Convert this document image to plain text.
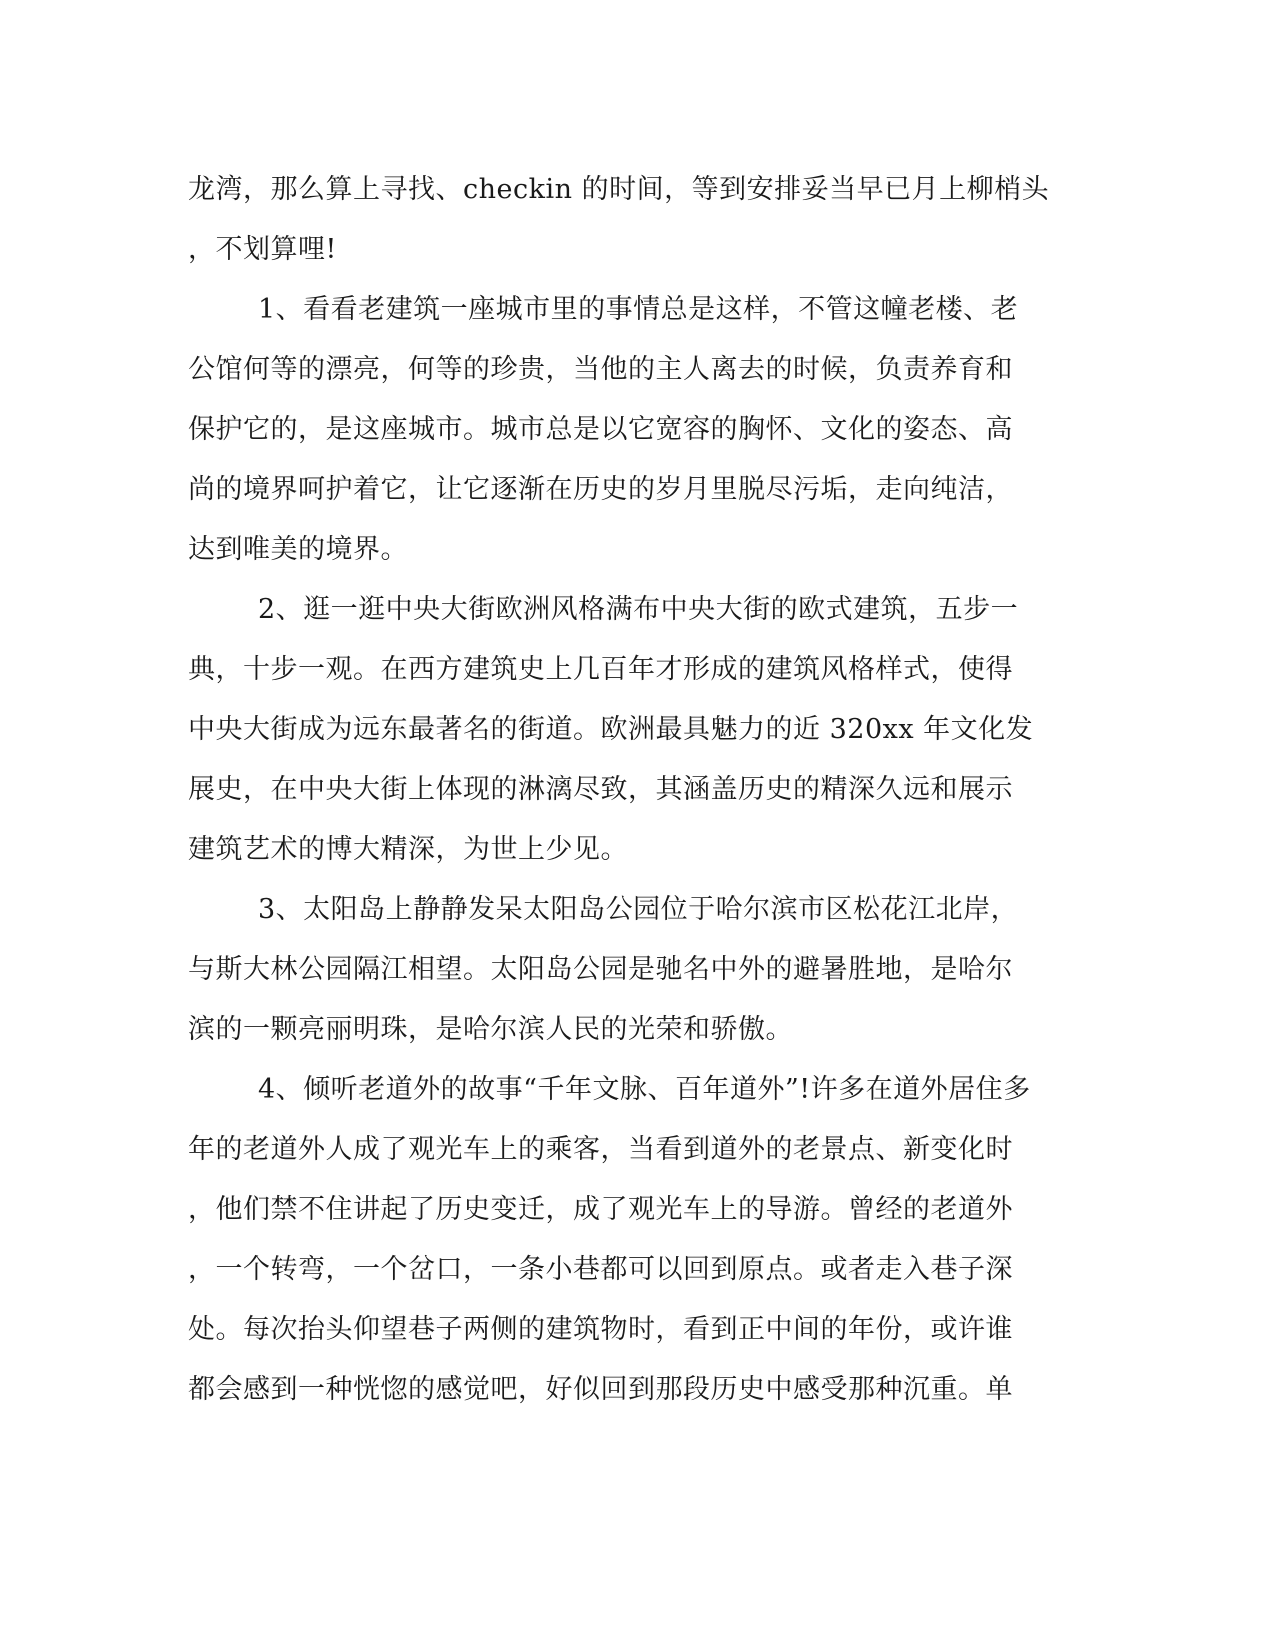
龙湾，那么算上寻找、checkin 的时间，等到安排妥当早已月上柳梢头
，不划算哩!
1、看看老建筑一座城市里的事情总是这样，不管这幢老楼、老
公馆何等的漂亮，何等的珍贵，当他的主人离去的时候，负责养育和
保护它的，是这座城市。城市总是以它宽容的胸怀、文化的姿态、高
尚的境界呵护着它，让它逐渐在历史的岁月里脱尽污垢，走向纯洁，
达到唯美的境界。
2、逛一逛中央大街欧洲风格满布中央大街的欧式建筑，五步一
典，十步一观。在西方建筑史上几百年才形成的建筑风格样式，使得
中央大街成为远东最著名的街道。欧洲最具魅力的近 320xx 年文化发
展史，在中央大街上体现的淋漓尽致，其涵盖历史的精深久远和展示
建筑艺术的博大精深，为世上少见。
3、太阳岛上静静发呆太阳岛公园位于哈尔滨市区松花江北岸，
与斯大林公园隔江相望。太阳岛公园是驰名中外的避暑胜地，是哈尔
滨的一颗亮丽明珠，是哈尔滨人民的光荣和骄傲。
4、倾听老道外的故事“千年文脉、百年道外”!许多在道外居住多
年的老道外人成了观光车上的乘客，当看到道外的老景点、新变化时
，他们禁不住讲起了历史变迁，成了观光车上的导游。曾经的老道外
，一个转弯，一个岔口，一条小巷都可以回到原点。或者走入巷子深
处。每次抬头仰望巷子两侧的建筑物时，看到正中间的年份，或许谁
都会感到一种恍惚的感觉吧，好似回到那段历史中感受那种沉重。单
